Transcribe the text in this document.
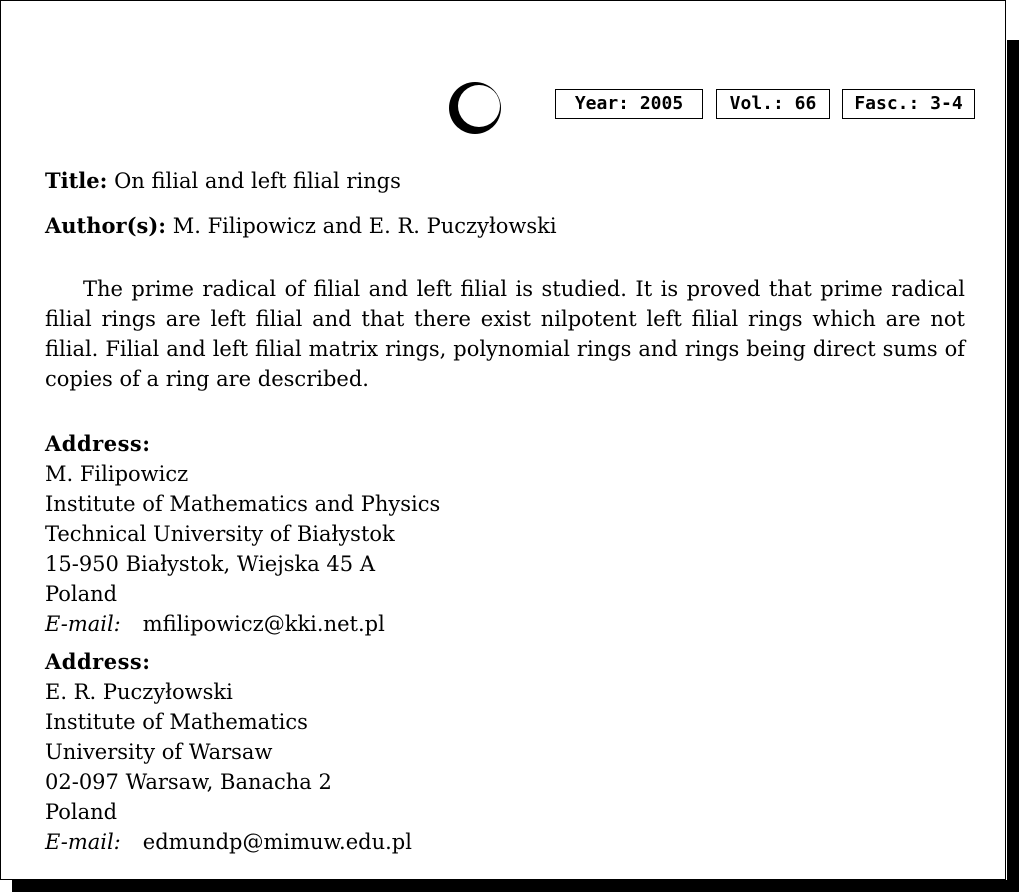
Year: 2005	Vol.: 66	Fasc.: 3-4
Title: On filial and left filial rings
Author(s): M. Filipowicz and E. R. Puczyłowski
The prime radical of filial and left filial is studied. It is proved that prime radical filial rings are left filial and that there exist nilpotent left filial rings which are not filial. Filial and left filial matrix rings, polynomial rings and rings being direct sums of copies of a ring are described.
Address:
M. Filipowicz
Institute of Mathematics and Physics
Technical University of Białystok
15-950 Białystok, Wiejska 45 A
Poland
E-mail: mfilipowicz@kki.net.pl
Address:
E. R. Puczyłowski
Institute of Mathematics
University of Warsaw
02-097 Warsaw, Banacha 2
Poland
E-mail: edmundp@mimuw.edu.pl
